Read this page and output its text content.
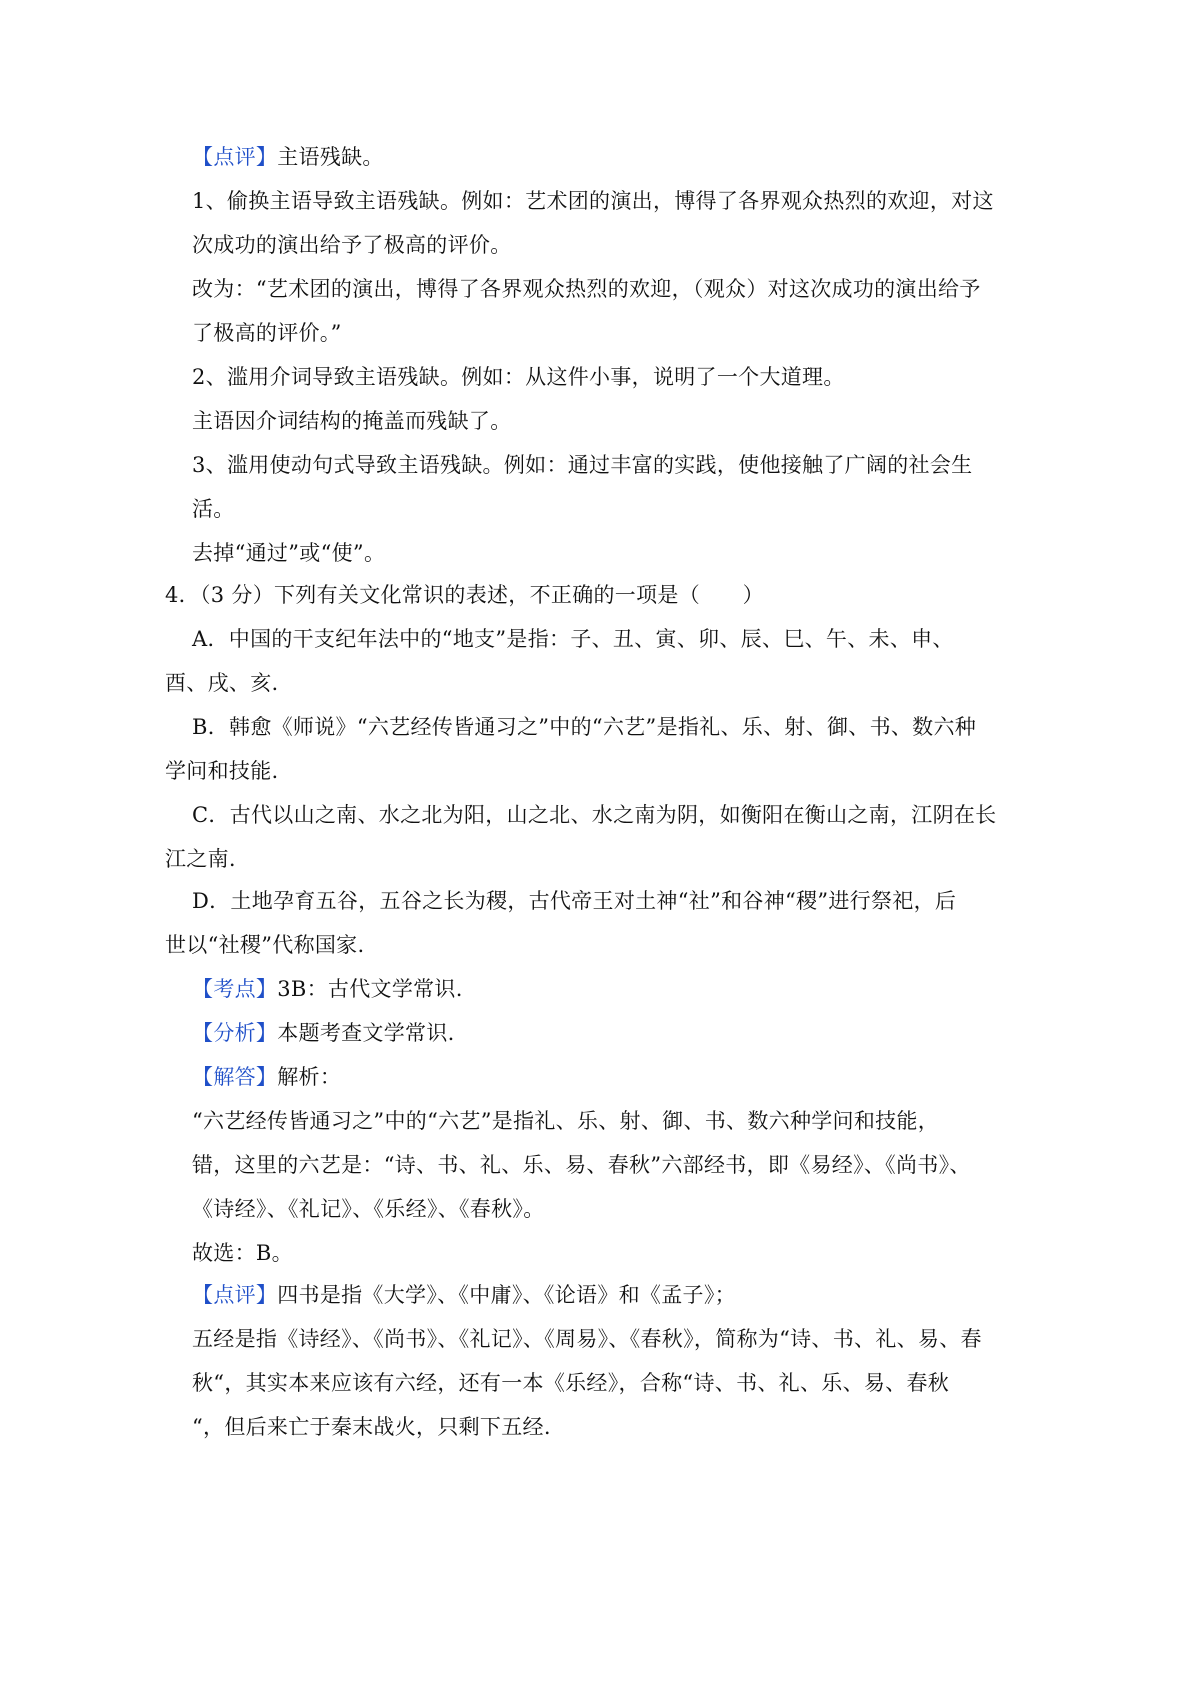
【点评】主语残缺。
1、偷换主语导致主语残缺。例如：艺术团的演出，博得了各界观众热烈的欢迎，对这
次成功的演出给予了极高的评价。
改为：“艺术团的演出，博得了各界观众热烈的欢迎，（观众）对这次成功的演出给予
了极高的评价。”
2、滥用介词导致主语残缺。例如：从这件小事，说明了一个大道理。
主语因介词结构的掩盖而残缺了。
3、滥用使动句式导致主语残缺。例如：通过丰富的实践，使他接触了广阔的社会生
活。
去掉“通过”或“使”。
4．（3 分）下列有关文化常识的表述，不正确的一项是（　　）
A．中国的干支纪年法中的“地支”是指：子、丑、寅、卯、辰、巳、午、未、申、
酉、戌、亥.
B．韩愈《师说》“六艺经传皆通习之”中的“六艺”是指礼、乐、射、御、书、数六种
学问和技能.
C．古代以山之南、水之北为阳，山之北、水之南为阴，如衡阳在衡山之南，江阴在长
江之南.
D．土地孕育五谷，五谷之长为稷，古代帝王对土神“社”和谷神“稷”进行祭祀，后
世以“社稷”代称国家.
【考点】3B：古代文学常识.
【分析】本题考查文学常识.
【解答】解析：
“六艺经传皆通习之”中的“六艺”是指礼、乐、射、御、书、数六种学问和技能，
错，这里的六艺是：“诗、书、礼、乐、易、春秋”六部经书，即《易经》、《尚书》、
《诗经》、《礼记》、《乐经》、《春秋》。
故选：B。
【点评】四书是指《大学》、《中庸》、《论语》和《孟子》；
五经是指《诗经》、《尚书》、《礼记》、《周易》、《春秋》，简称为“诗、书、礼、易、春
秋“，其实本来应该有六经，还有一本《乐经》，合称“诗、书、礼、乐、易、春秋
“，但后来亡于秦末战火，只剩下五经.
